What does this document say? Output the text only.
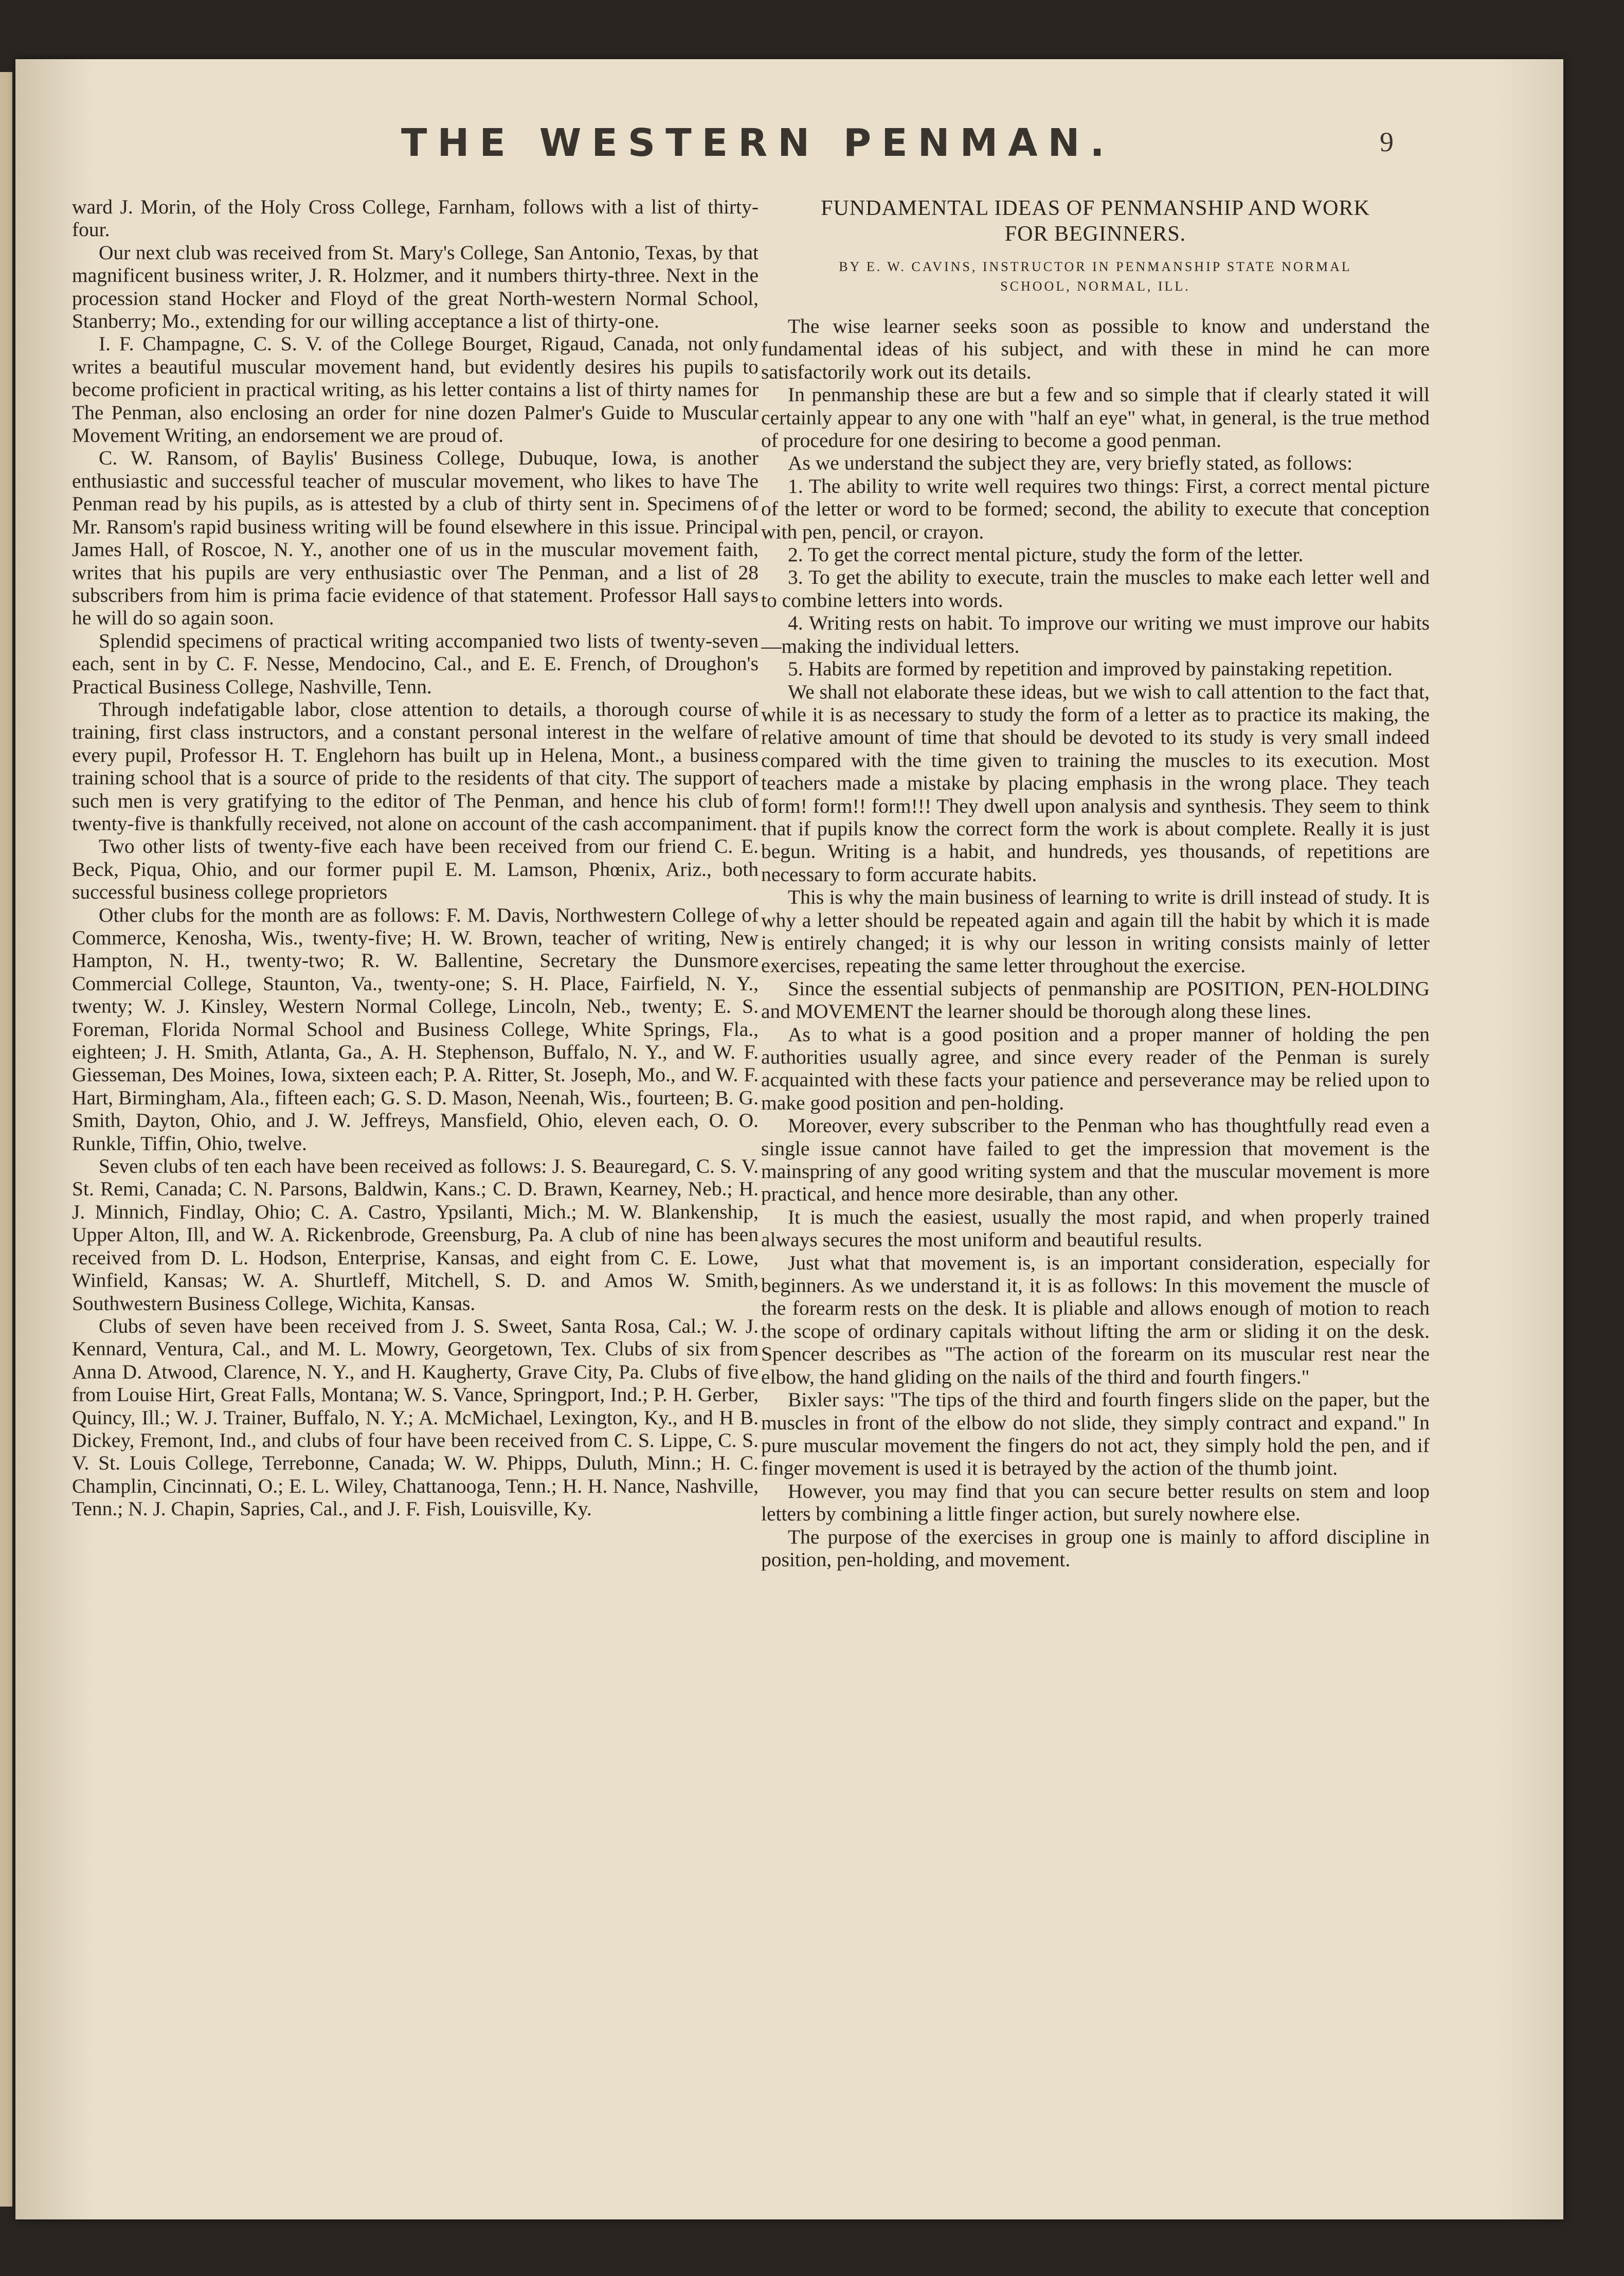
THE WESTERN PENMAN.	9

ward J. Morin, of the Holy Cross College, Farnham, follows with a list of thirty-four.

Our next club was received from St. Mary's College, San Antonio, Texas, by that magnificent business writer, J. R. Holzmer, and it numbers thirty-three. Next in the procession stand Hocker and Floyd of the great North-western Normal School, Stanberry; Mo., extending for our willing acceptance a list of thirty-one.

I. F. Champagne, C. S. V. of the College Bourget, Rigaud, Canada, not only writes a beautiful muscular movement hand, but evidently desires his pupils to become proficient in practical writing, as his letter contains a list of thirty names for The Penman, also enclosing an order for nine dozen Palmer's Guide to Muscular Movement Writing, an endorsement we are proud of.

C. W. Ransom, of Baylis' Business College, Dubuque, Iowa, is another enthusiastic and successful teacher of muscular movement, who likes to have The Penman read by his pupils, as is attested by a club of thirty sent in. Specimens of Mr. Ransom's rapid business writing will be found elsewhere in this issue. Principal James Hall, of Roscoe, N. Y., another one of us in the muscular movement faith, writes that his pupils are very enthusiastic over The Penman, and a list of 28 subscribers from him is prima facie evidence of that statement. Professor Hall says he will do so again soon.

Splendid specimens of practical writing accompanied two lists of twenty-seven each, sent in by C. F. Nesse, Mendocino, Cal., and E. E. French, of Droughon's Practical Business College, Nashville, Tenn.

Through indefatigable labor, close attention to details, a thorough course of training, first class instructors, and a constant personal interest in the welfare of every pupil, Professor H. T. Englehorn has built up in Helena, Mont., a business training school that is a source of pride to the residents of that city. The support of such men is very gratifying to the editor of The Penman, and hence his club of twenty-five is thankfully received, not alone on account of the cash accompaniment.

Two other lists of twenty-five each have been received from our friend C. E. Beck, Piqua, Ohio, and our former pupil E. M. Lamson, Phœnix, Ariz., both successful business college proprietors

Other clubs for the month are as follows: F. M. Davis, Northwestern College of Commerce, Kenosha, Wis., twenty-five; H. W. Brown, teacher of writing, New Hampton, N. H., twenty-two; R. W. Ballentine, Secretary the Dunsmore Commercial College, Staunton, Va., twenty-one; S. H. Place, Fairfield, N. Y., twenty; W. J. Kinsley, Western Normal College, Lincoln, Neb., twenty; E. S. Foreman, Florida Normal School and Business College, White Springs, Fla., eighteen; J. H. Smith, Atlanta, Ga., A. H. Stephenson, Buffalo, N. Y., and W. F. Giesseman, Des Moines, Iowa, sixteen each; P. A. Ritter, St. Joseph, Mo., and W. F. Hart, Birmingham, Ala., fifteen each; G. S. D. Mason, Neenah, Wis., fourteen; B. G. Smith, Dayton, Ohio, and J. W. Jeffreys, Mansfield, Ohio, eleven each, O. O. Runkle, Tiffin, Ohio, twelve.

Seven clubs of ten each have been received as follows: J. S. Beauregard, C. S. V. St. Remi, Canada; C. N. Parsons, Baldwin, Kans.; C. D. Brawn, Kearney, Neb.; H. J. Minnich, Findlay, Ohio; C. A. Castro, Ypsilanti, Mich.; M. W. Blankenship, Upper Alton, Ill, and W. A. Rickenbrode, Greensburg, Pa. A club of nine has been received from D. L. Hodson, Enterprise, Kansas, and eight from C. E. Lowe, Winfield, Kansas; W. A. Shurtleff, Mitchell, S. D. and Amos W. Smith, Southwestern Business College, Wichita, Kansas.

Clubs of seven have been received from J. S. Sweet, Santa Rosa, Cal.; W. J. Kennard, Ventura, Cal., and M. L. Mowry, Georgetown, Tex. Clubs of six from Anna D. Atwood, Clarence, N. Y., and H. Kaugherty, Grave City, Pa. Clubs of five from Louise Hirt, Great Falls, Montana; W. S. Vance, Springport, Ind.; P. H. Gerber, Quincy, Ill.; W. J. Trainer, Buffalo, N. Y.; A. McMichael, Lexington, Ky., and H B. Dickey, Fremont, Ind., and clubs of four have been received from C. S. Lippe, C. S. V. St. Louis College, Terrebonne, Canada; W. W. Phipps, Duluth, Minn.; H. C. Champlin, Cincinnati, O.; E. L. Wiley, Chattanooga, Tenn.; H. H. Nance, Nashville, Tenn.; N. J. Chapin, Sapries, Cal., and J. F. Fish, Louisville, Ky.

FUNDAMENTAL IDEAS OF PENMANSHIP AND WORK
FOR BEGINNERS.
BY E. W. CAVINS, INSTRUCTOR IN PENMANSHIP STATE NORMAL
SCHOOL, NORMAL, ILL.

The wise learner seeks soon as possible to know and understand the fundamental ideas of his subject, and with these in mind he can more satisfactorily work out its details.

In penmanship these are but a few and so simple that if clearly stated it will certainly appear to any one with "half an eye" what, in general, is the true method of procedure for one desiring to become a good penman.

As we understand the subject they are, very briefly stated, as follows:

1. The ability to write well requires two things: First, a correct mental picture of the letter or word to be formed; second, the ability to execute that conception with pen, pencil, or crayon.

2. To get the correct mental picture, study the form of the letter.

3. To get the ability to execute, train the muscles to make each letter well and to combine letters into words.

4. Writing rests on habit. To improve our writing we must improve our habits—making the individual letters.

5. Habits are formed by repetition and improved by painstaking repetition.

We shall not elaborate these ideas, but we wish to call attention to the fact that, while it is as necessary to study the form of a letter as to practice its making, the relative amount of time that should be devoted to its study is very small indeed compared with the time given to training the muscles to its execution. Most teachers made a mistake by placing emphasis in the wrong place. They teach form! form!! form!!! They dwell upon analysis and synthesis. They seem to think that if pupils know the correct form the work is about complete. Really it is just begun. Writing is a habit, and hundreds, yes thousands, of repetitions are necessary to form accurate habits.

This is why the main business of learning to write is drill instead of study. It is why a letter should be repeated again and again till the habit by which it is made is entirely changed; it is why our lesson in writing consists mainly of letter exercises, repeating the same letter throughout the exercise.

Since the essential subjects of penmanship are POSITION, PEN-HOLDING and MOVEMENT the learner should be thorough along these lines.

As to what is a good position and a proper manner of holding the pen authorities usually agree, and since every reader of the Penman is surely acquainted with these facts your patience and perseverance may be relied upon to make good position and pen-holding.

Moreover, every subscriber to the Penman who has thoughtfully read even a single issue cannot have failed to get the impression that movement is the mainspring of any good writing system and that the muscular movement is more practical, and hence more desirable, than any other.

It is much the easiest, usually the most rapid, and when properly trained always secures the most uniform and beautiful results.

Just what that movement is, is an important consideration, especially for beginners. As we understand it, it is as follows: In this movement the muscle of the forearm rests on the desk. It is pliable and allows enough of motion to reach the scope of ordinary capitals without lifting the arm or sliding it on the desk. Spencer describes as "The action of the forearm on its muscular rest near the elbow, the hand gliding on the nails of the third and fourth fingers."

Bixler says: "The tips of the third and fourth fingers slide on the paper, but the muscles in front of the elbow do not slide, they simply contract and expand." In pure muscular movement the fingers do not act, they simply hold the pen, and if finger movement is used it is betrayed by the action of the thumb joint.

However, you may find that you can secure better results on stem and loop letters by combining a little finger action, but surely nowhere else.

The purpose of the exercises in group one is mainly to afford discipline in position, pen-holding, and movement.
